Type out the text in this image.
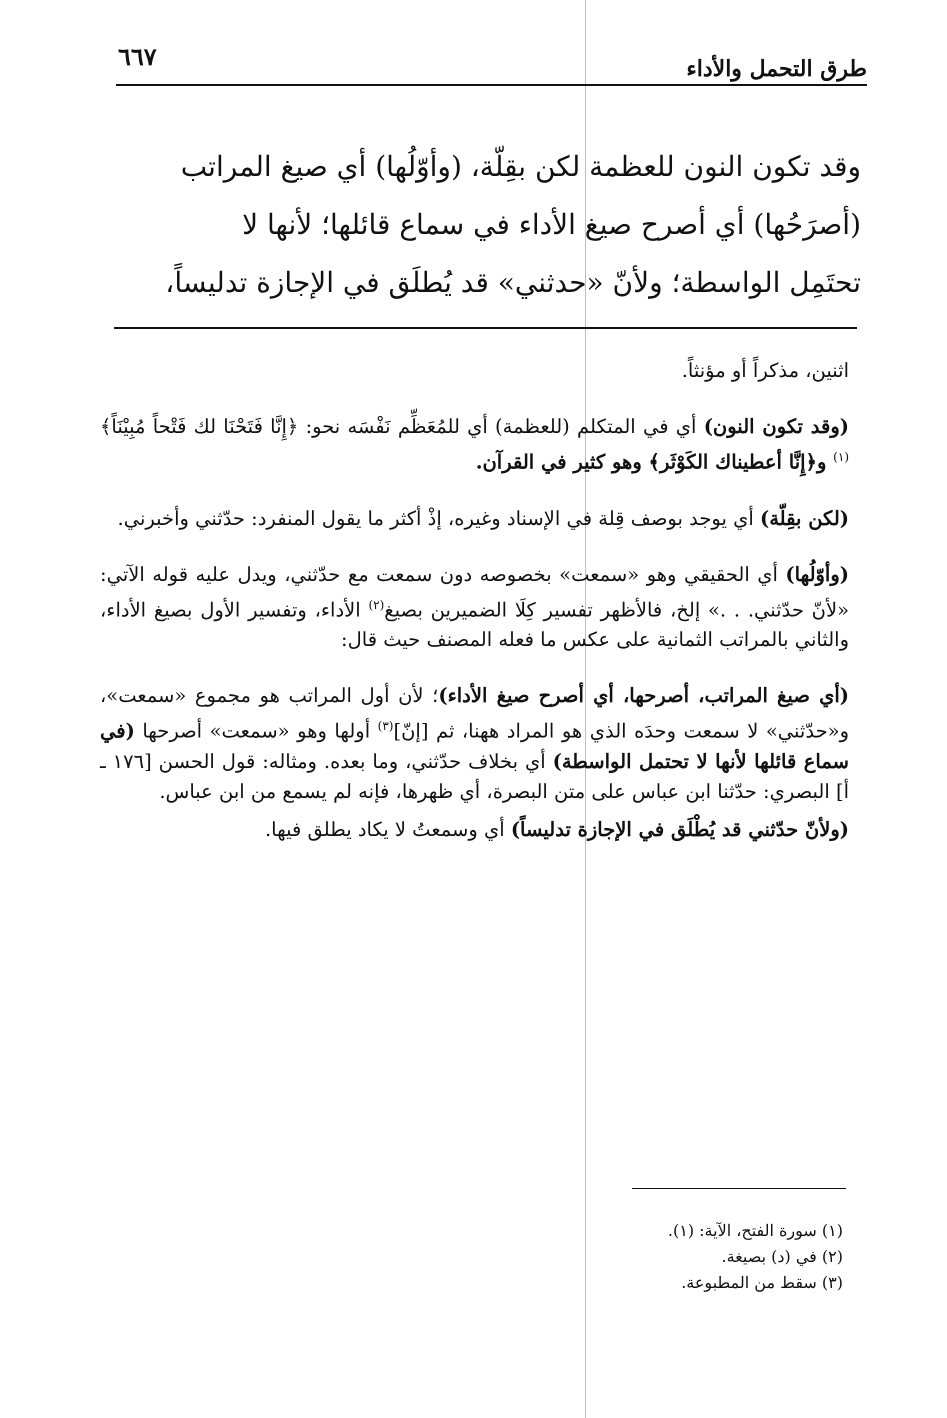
طرق التحمل والأداء
٦٦٧

وقد تكون النون للعظمة لكن بقِلّة، (وأوّلُها) أي صيغ المراتب

(أصرَحُها) أي أصرح صيغ الأداء في سماع قائلها؛ لأنها لا

تحتَمِل الواسطة؛ ولأنّ «حدثني» قد يُطلَق في الإجازة تدليساً،

اثنين، مذكراً أو مؤنثاً.

(وقد تكون النون) أي في المتكلم (للعظمة) أي للمُعَظِّم نَفْسَه نحو: ﴿إِنَّا فَتَحْنَا لك فَتْحاً مُبِيْنَاً﴾$^{(١)}$ و﴿إِنَّا أعطيناك الكَوْثَر﴾ وهو كثير في القرآن.

(لكن بقِلّة) أي يوجد بوصف قِلة في الإسناد وغيره، إذْ أكثر ما يقول المنفرد: حدّثني وأخبرني.

(وأوّلُها) أي الحقيقي وهو «سمعت» بخصوصه دون سمعت مع حدّثني، ويدل عليه قوله الآتي: «لأنّ حدّثني. . .» إلخ، فالأظهر تفسير كِلَا الضميرين بصيغ$^{(٢)}$ الأداء، وتفسير الأول بصيغ الأداء، والثاني بالمراتب الثمانية على عكس ما فعله المصنف حيث قال:

(أي صيغ المراتب، أصرحها، أي أصرح صيغ الأداء)؛ لأن أول المراتب هو مجموع «سمعت»، و«حدّثني» لا سمعت وحدَه الذي هو المراد ههنا، ثم [إنّ]$^{(٣)}$ أولها وهو «سمعت» أصرحها (في سماع قائلها لأنها لا تحتمل الواسطة) أي بخلاف حدّثني، وما بعده. ومثاله: قول الحسن [١٧٦ ـ أ] البصري: حدّثنا ابن عباس على متن البصرة، أي ظهرها، فإنه لم يسمع من ابن عباس.

(ولأنّ حدّثني قد يُطْلَق في الإجازة تدليساً) أي وسمعتُ لا يكاد يطلق فيها.

(١) سورة الفتح، الآية: (١).
(٢) في (د) بصيغة.
(٣) سقط من المطبوعة.
